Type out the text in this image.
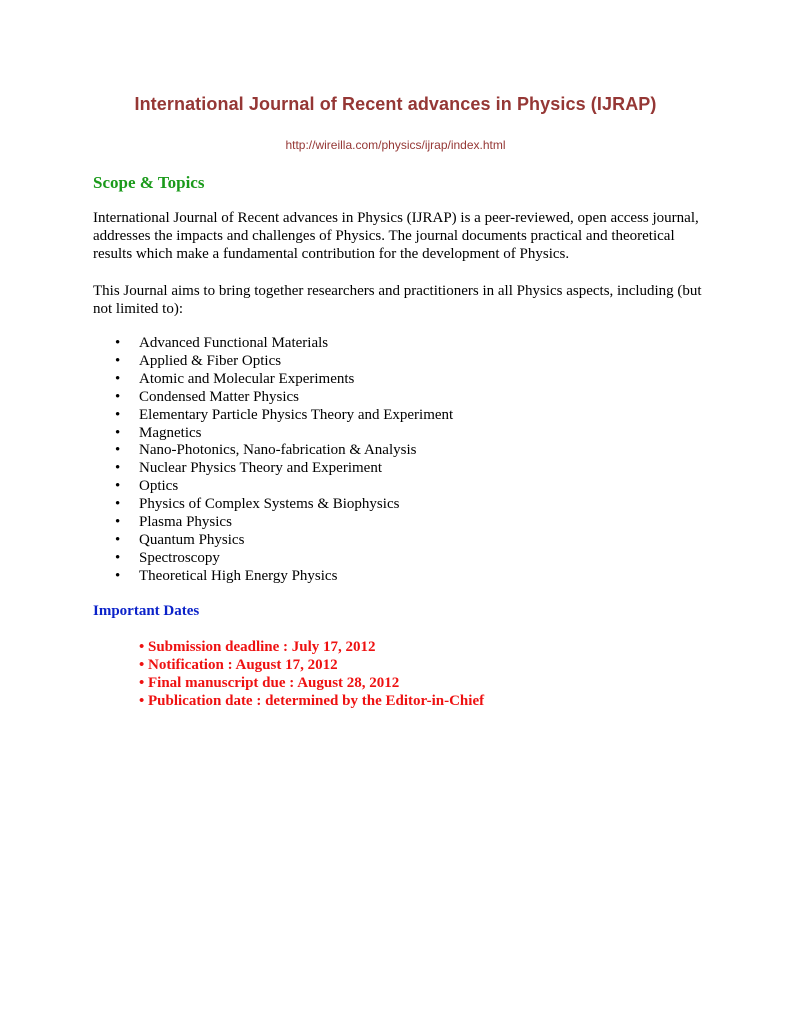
International Journal of Recent advances in Physics (IJRAP)
http://wireilla.com/physics/ijrap/index.html
Scope & Topics

International Journal of Recent advances in Physics (IJRAP) is a peer-reviewed, open access journal, addresses the impacts and challenges of Physics. The journal documents practical and theoretical results which make a fundamental contribution for the development of Physics.

This Journal aims to bring together researchers and practitioners in all Physics aspects, including (but not limited to):

• Advanced Functional Materials
• Applied & Fiber Optics
• Atomic and Molecular Experiments
• Condensed Matter Physics
• Elementary Particle Physics Theory and Experiment
• Magnetics
• Nano-Photonics, Nano-fabrication & Analysis
• Nuclear Physics Theory and Experiment
• Optics
• Physics of Complex Systems & Biophysics
• Plasma Physics
• Quantum Physics
• Spectroscopy
• Theoretical High Energy Physics
Important Dates
• Submission deadline : July 17, 2012
• Notification : August 17, 2012
• Final manuscript due : August 28, 2012
• Publication date : determined by the Editor-in-Chief
